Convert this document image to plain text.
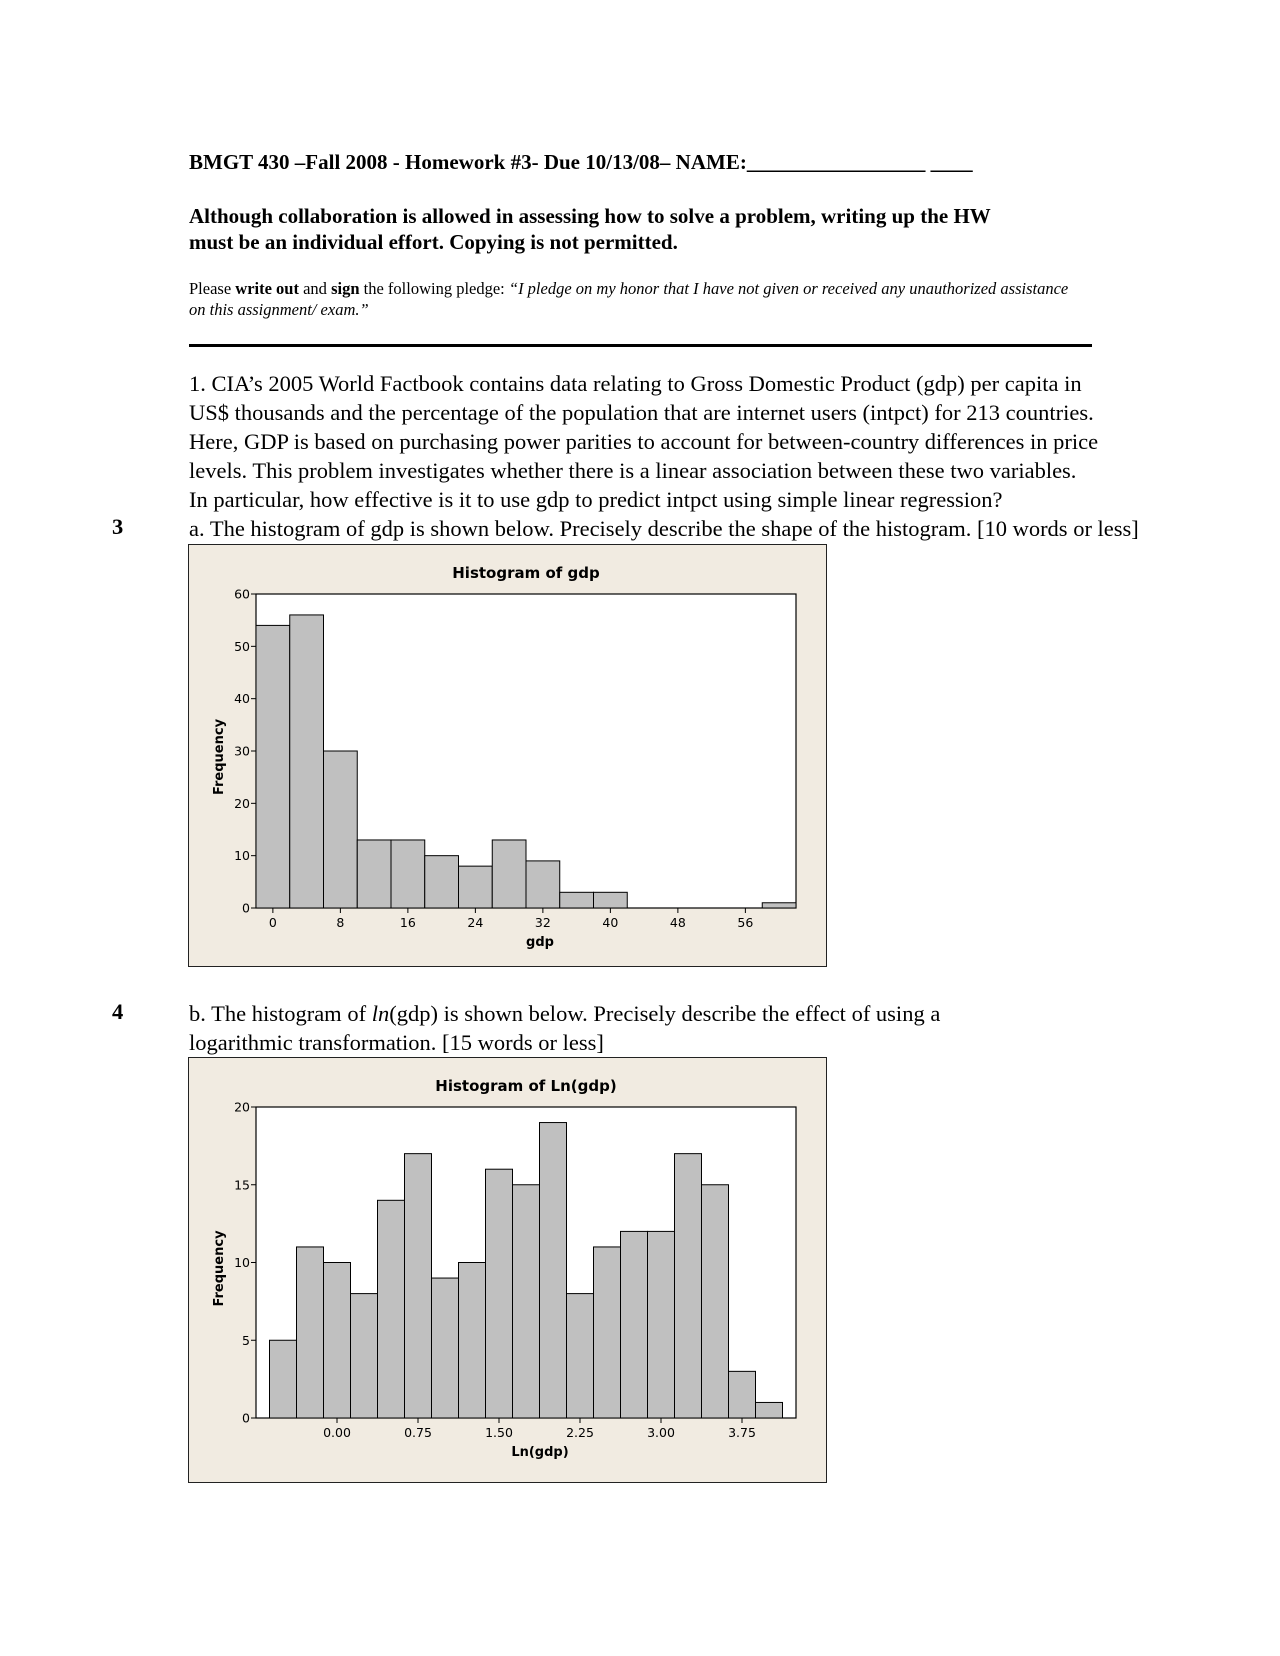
BMGT 430 –Fall 2008 - Homework #3- Due 10/13/08– NAME:_________________ ____
Although collaboration is allowed in assessing how to solve a problem, writing up the HW
must be an individual effort. Copying is not permitted.
Please write out and sign the following pledge: “I pledge on my honor that I have not given or received any unauthorized assistance on this assignment/ exam.”

1. CIA’s 2005 World Factbook contains data relating to Gross Domestic Product (gdp) per capita in

US$ thousands and the percentage of the population that are internet users (intpct) for 213 countries.

Here, GDP is based on purchasing power parities to account for between-country differences in price

levels. This problem investigates whether there is a linear association between these two variables.

In particular, how effective is it to use gdp to predict intpct using simple linear regression?

3	a. The histogram of gdp is shown below. Precisely describe the shape of the histogram. [10 words or less]
Histogram of gdp
0
10
20
30
40
50
60
0	8	16	24	32	40	48	56
gdp
Frequency
4	b. The histogram of ln(gdp) is shown below. Precisely describe the effect of using a
logarithmic transformation. [15 words or less]
Histogram of Ln(gdp)
0
5
10
15
20
0.00	0.75	1.50	2.25	3.00	3.75
Ln(gdp)
Frequency
